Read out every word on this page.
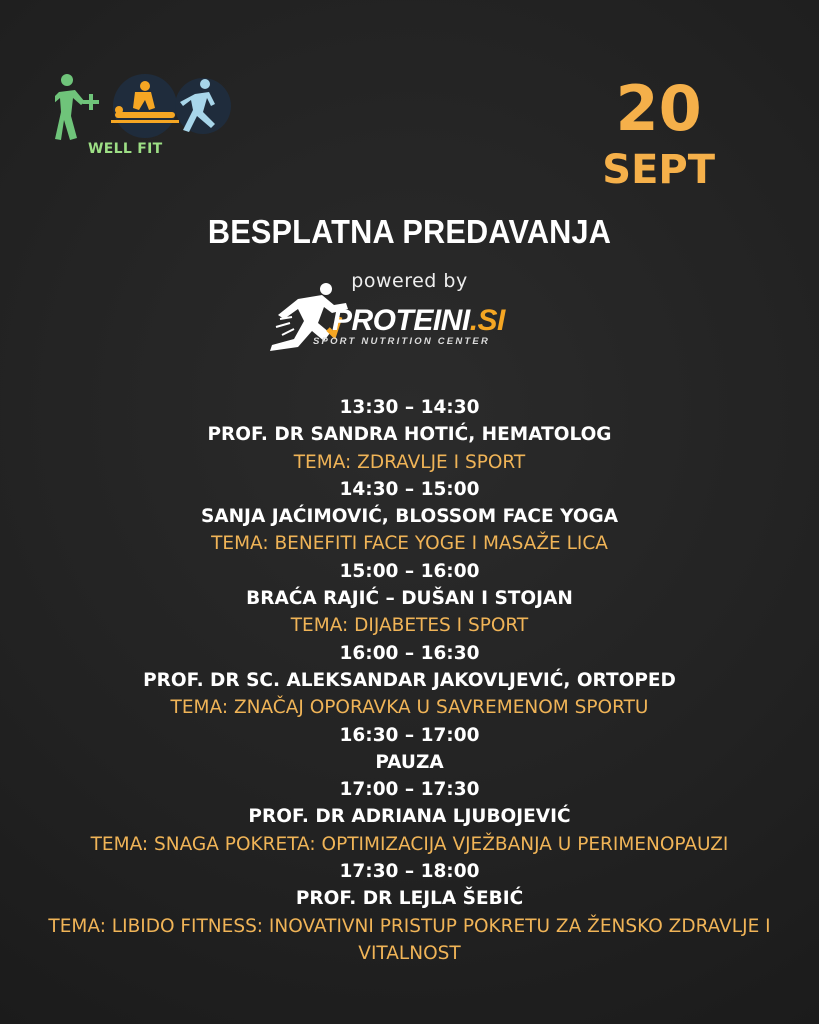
WELL FIT
20
SEPT
BESPLATNA PREDAVANJA
powered by
PROTEINI.SI
SPORT NUTRITION CENTER
13:30 – 14:30
PROF. DR SANDRA HOTIĆ, HEMATOLOG
TEMA: ZDRAVLJE I SPORT
14:30 – 15:00
SANJA JAĆIMOVIĆ, BLOSSOM FACE YOGA
TEMA: BENEFITI FACE YOGE I MASAŽE LICA
15:00 – 16:00
BRAĆA RAJIĆ – DUŠAN I STOJAN
TEMA: DIJABETES I SPORT
16:00 – 16:30
PROF. DR SC. ALEKSANDAR JAKOVLJEVIĆ, ORTOPED
TEMA: ZNAČAJ OPORAVKA U SAVREMENOM SPORTU
16:30 – 17:00
PAUZA
17:00 – 17:30
PROF. DR ADRIANA LJUBOJEVIĆ
TEMA: SNAGA POKRETA: OPTIMIZACIJA VJEŽBANJA U PERIMENOPAUZI
17:30 – 18:00
PROF. DR LEJLA ŠEBIĆ
TEMA: LIBIDO FITNESS: INOVATIVNI PRISTUP POKRETU ZA ŽENSKO ZDRAVLJE I VITALNOST
